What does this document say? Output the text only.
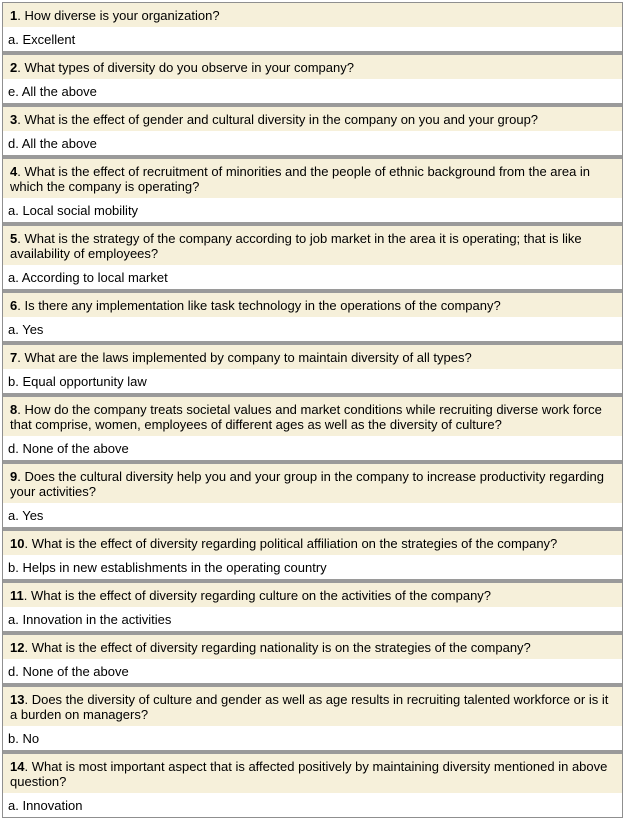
1. How diverse is your organization?
a. Excellent
2. What types of diversity do you observe in your company?
e. All the above
3. What is the effect of gender and cultural diversity in the company on you and your group?
d. All the above
4. What is the effect of recruitment of minorities and the people of ethnic background from the area in which the company is operating?
a. Local social mobility
5. What is the strategy of the company according to job market in the area it is operating; that is like availability of employees?
a. According to local market
6. Is there any implementation like task technology in the operations of the company?
a. Yes
7. What are the laws implemented by company to maintain diversity of all types?
b. Equal opportunity law
8. How do the company treats societal values and market conditions while recruiting diverse work force that comprise, women, employees of different ages as well as the diversity of culture?
d. None of the above
9. Does the cultural diversity help you and your group in the company to increase productivity regarding your activities?
a. Yes
10. What is the effect of diversity regarding political affiliation on the strategies of the company?
b. Helps in new establishments in the operating country
11. What is the effect of diversity regarding culture on the activities of the company?
a. Innovation in the activities
12. What is the effect of diversity regarding nationality is on the strategies of the company?
d. None of the above
13. Does the diversity of culture and gender as well as age results in recruiting talented workforce or is it a burden on managers?
b. No
14. What is most important aspect that is affected positively by maintaining diversity mentioned in above question?
a. Innovation
